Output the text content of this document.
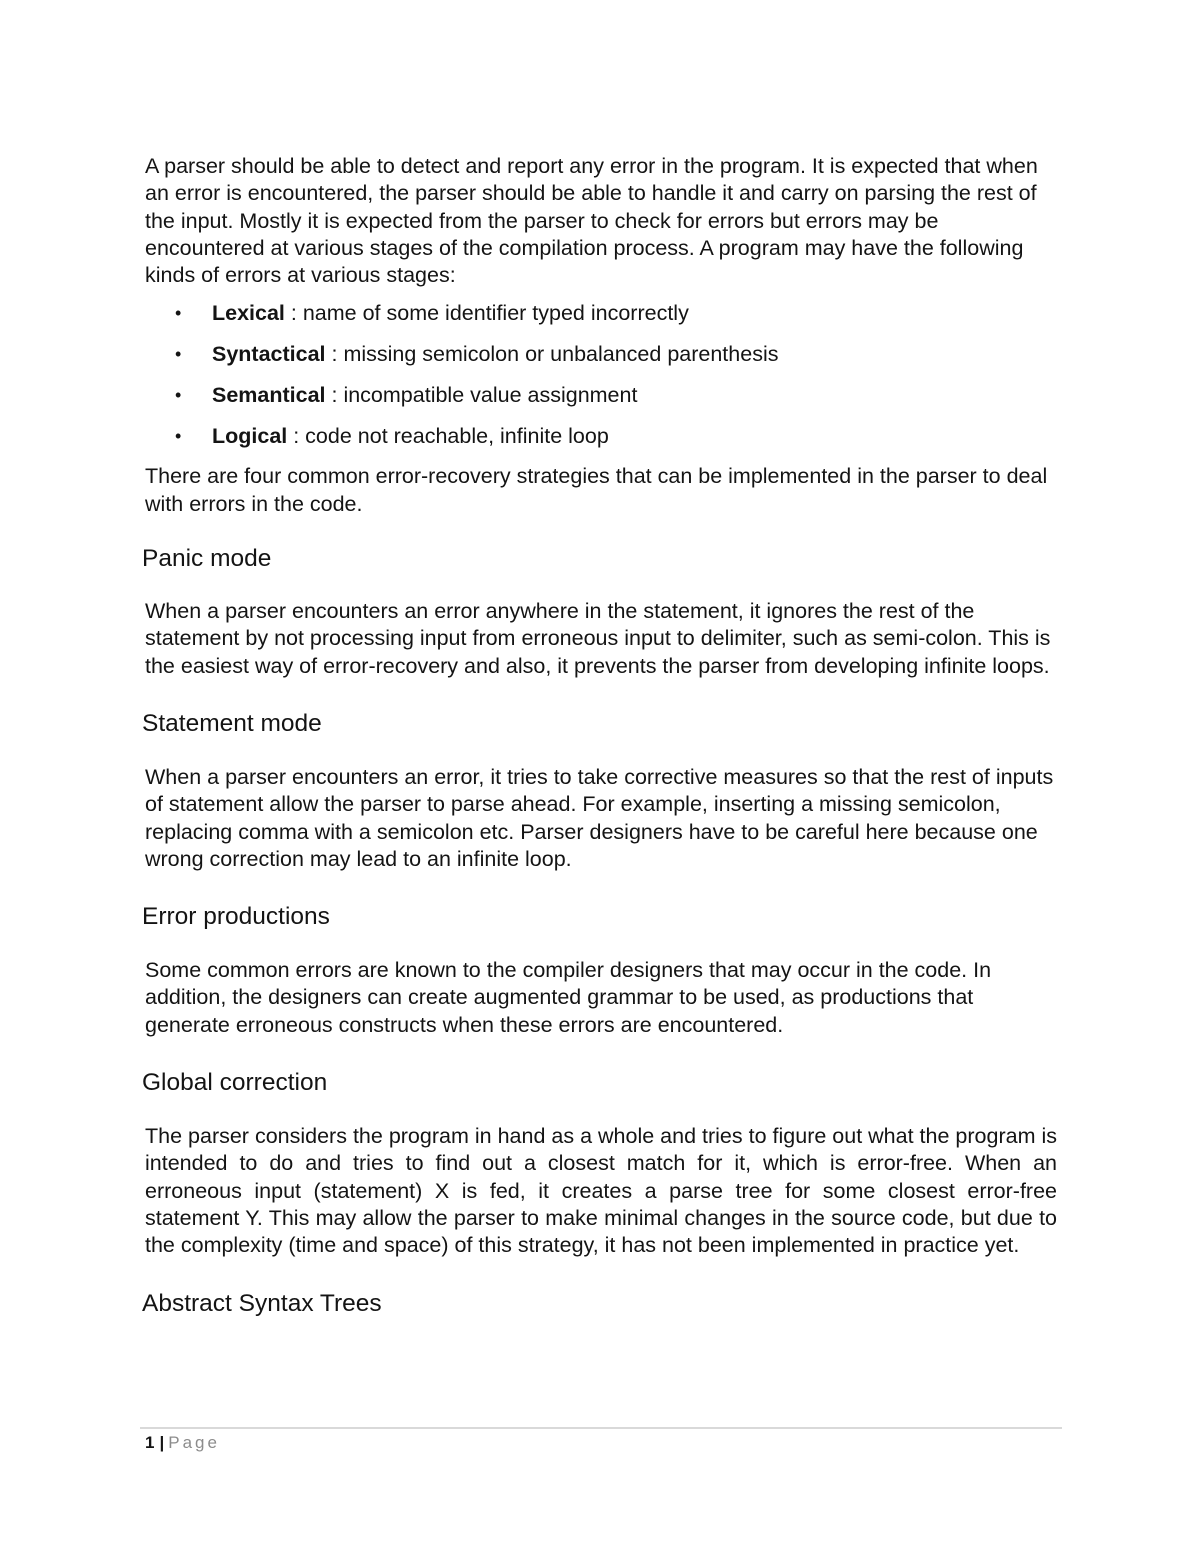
A parser should be able to detect and report any error in the program. It is expected that when an error is encountered, the parser should be able to handle it and carry on parsing the rest of the input. Mostly it is expected from the parser to check for errors but errors may be encountered at various stages of the compilation process. A program may have the following kinds of errors at various stages:

• Lexical : name of some identifier typed incorrectly
• Syntactical : missing semicolon or unbalanced parenthesis
• Semantical : incompatible value assignment
• Logical : code not reachable, infinite loop

There are four common error-recovery strategies that can be implemented in the parser to deal with errors in the code.

Panic mode

When a parser encounters an error anywhere in the statement, it ignores the rest of the statement by not processing input from erroneous input to delimiter, such as semi-colon. This is the easiest way of error-recovery and also, it prevents the parser from developing infinite loops.

Statement mode

When a parser encounters an error, it tries to take corrective measures so that the rest of inputs of statement allow the parser to parse ahead. For example, inserting a missing semicolon, replacing comma with a semicolon etc. Parser designers have to be careful here because one wrong correction may lead to an infinite loop.

Error productions

Some common errors are known to the compiler designers that may occur in the code. In addition, the designers can create augmented grammar to be used, as productions that generate erroneous constructs when these errors are encountered.

Global correction

The parser considers the program in hand as a whole and tries to figure out what the program is intended to do and tries to find out a closest match for it, which is error-free. When an erroneous input (statement) X is fed, it creates a parse tree for some closest error-free statement Y. This may allow the parser to make minimal changes in the source code, but due to the complexity (time and space) of this strategy, it has not been implemented in practice yet.

Abstract Syntax Trees
1 | Page
